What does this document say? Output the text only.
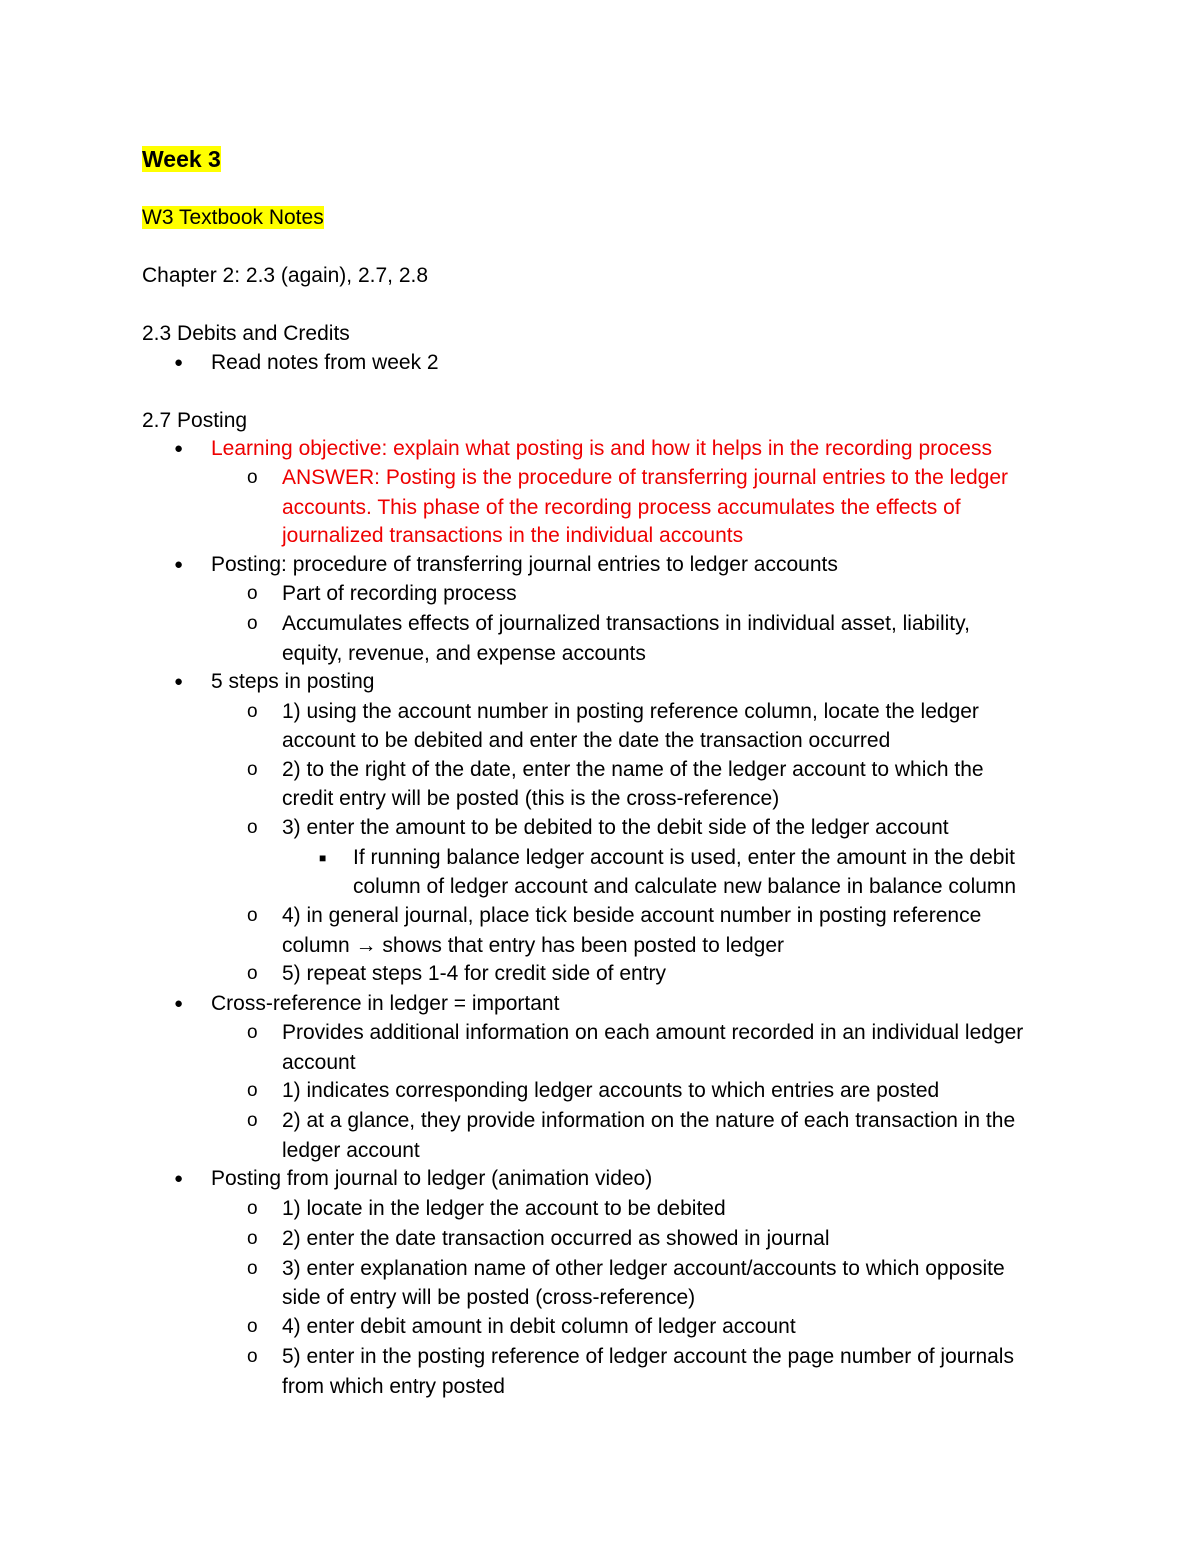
Week 3
W3 Textbook Notes
Chapter 2: 2.3 (again), 2.7, 2.8
2.3 Debits and Credits
● Read notes from week 2
2.7 Posting
● Learning objective: explain what posting is and how it helps in the recording process
o ANSWER: Posting is the procedure of transferring journal entries to the ledger
accounts. This phase of the recording process accumulates the effects of
journalized transactions in the individual accounts
● Posting: procedure of transferring journal entries to ledger accounts
o Part of recording process
o Accumulates effects of journalized transactions in individual asset, liability,
equity, revenue, and expense accounts
● 5 steps in posting
o 1) using the account number in posting reference column, locate the ledger
account to be debited and enter the date the transaction occurred
o 2) to the right of the date, enter the name of the ledger account to which the
credit entry will be posted (this is the cross-reference)
o 3) enter the amount to be debited to the debit side of the ledger account
■ If running balance ledger account is used, enter the amount in the debit
column of ledger account and calculate new balance in balance column
o 4) in general journal, place tick beside account number in posting reference
column → shows that entry has been posted to ledger
o 5) repeat steps 1-4 for credit side of entry
● Cross-reference in ledger = important
o Provides additional information on each amount recorded in an individual ledger
account
o 1) indicates corresponding ledger accounts to which entries are posted
o 2) at a glance, they provide information on the nature of each transaction in the
ledger account
● Posting from journal to ledger (animation video)
o 1) locate in the ledger the account to be debited
o 2) enter the date transaction occurred as showed in journal
o 3) enter explanation name of other ledger account/accounts to which opposite
side of entry will be posted (cross-reference)
o 4) enter debit amount in debit column of ledger account
o 5) enter in the posting reference of ledger account the page number of journals
from which entry posted
